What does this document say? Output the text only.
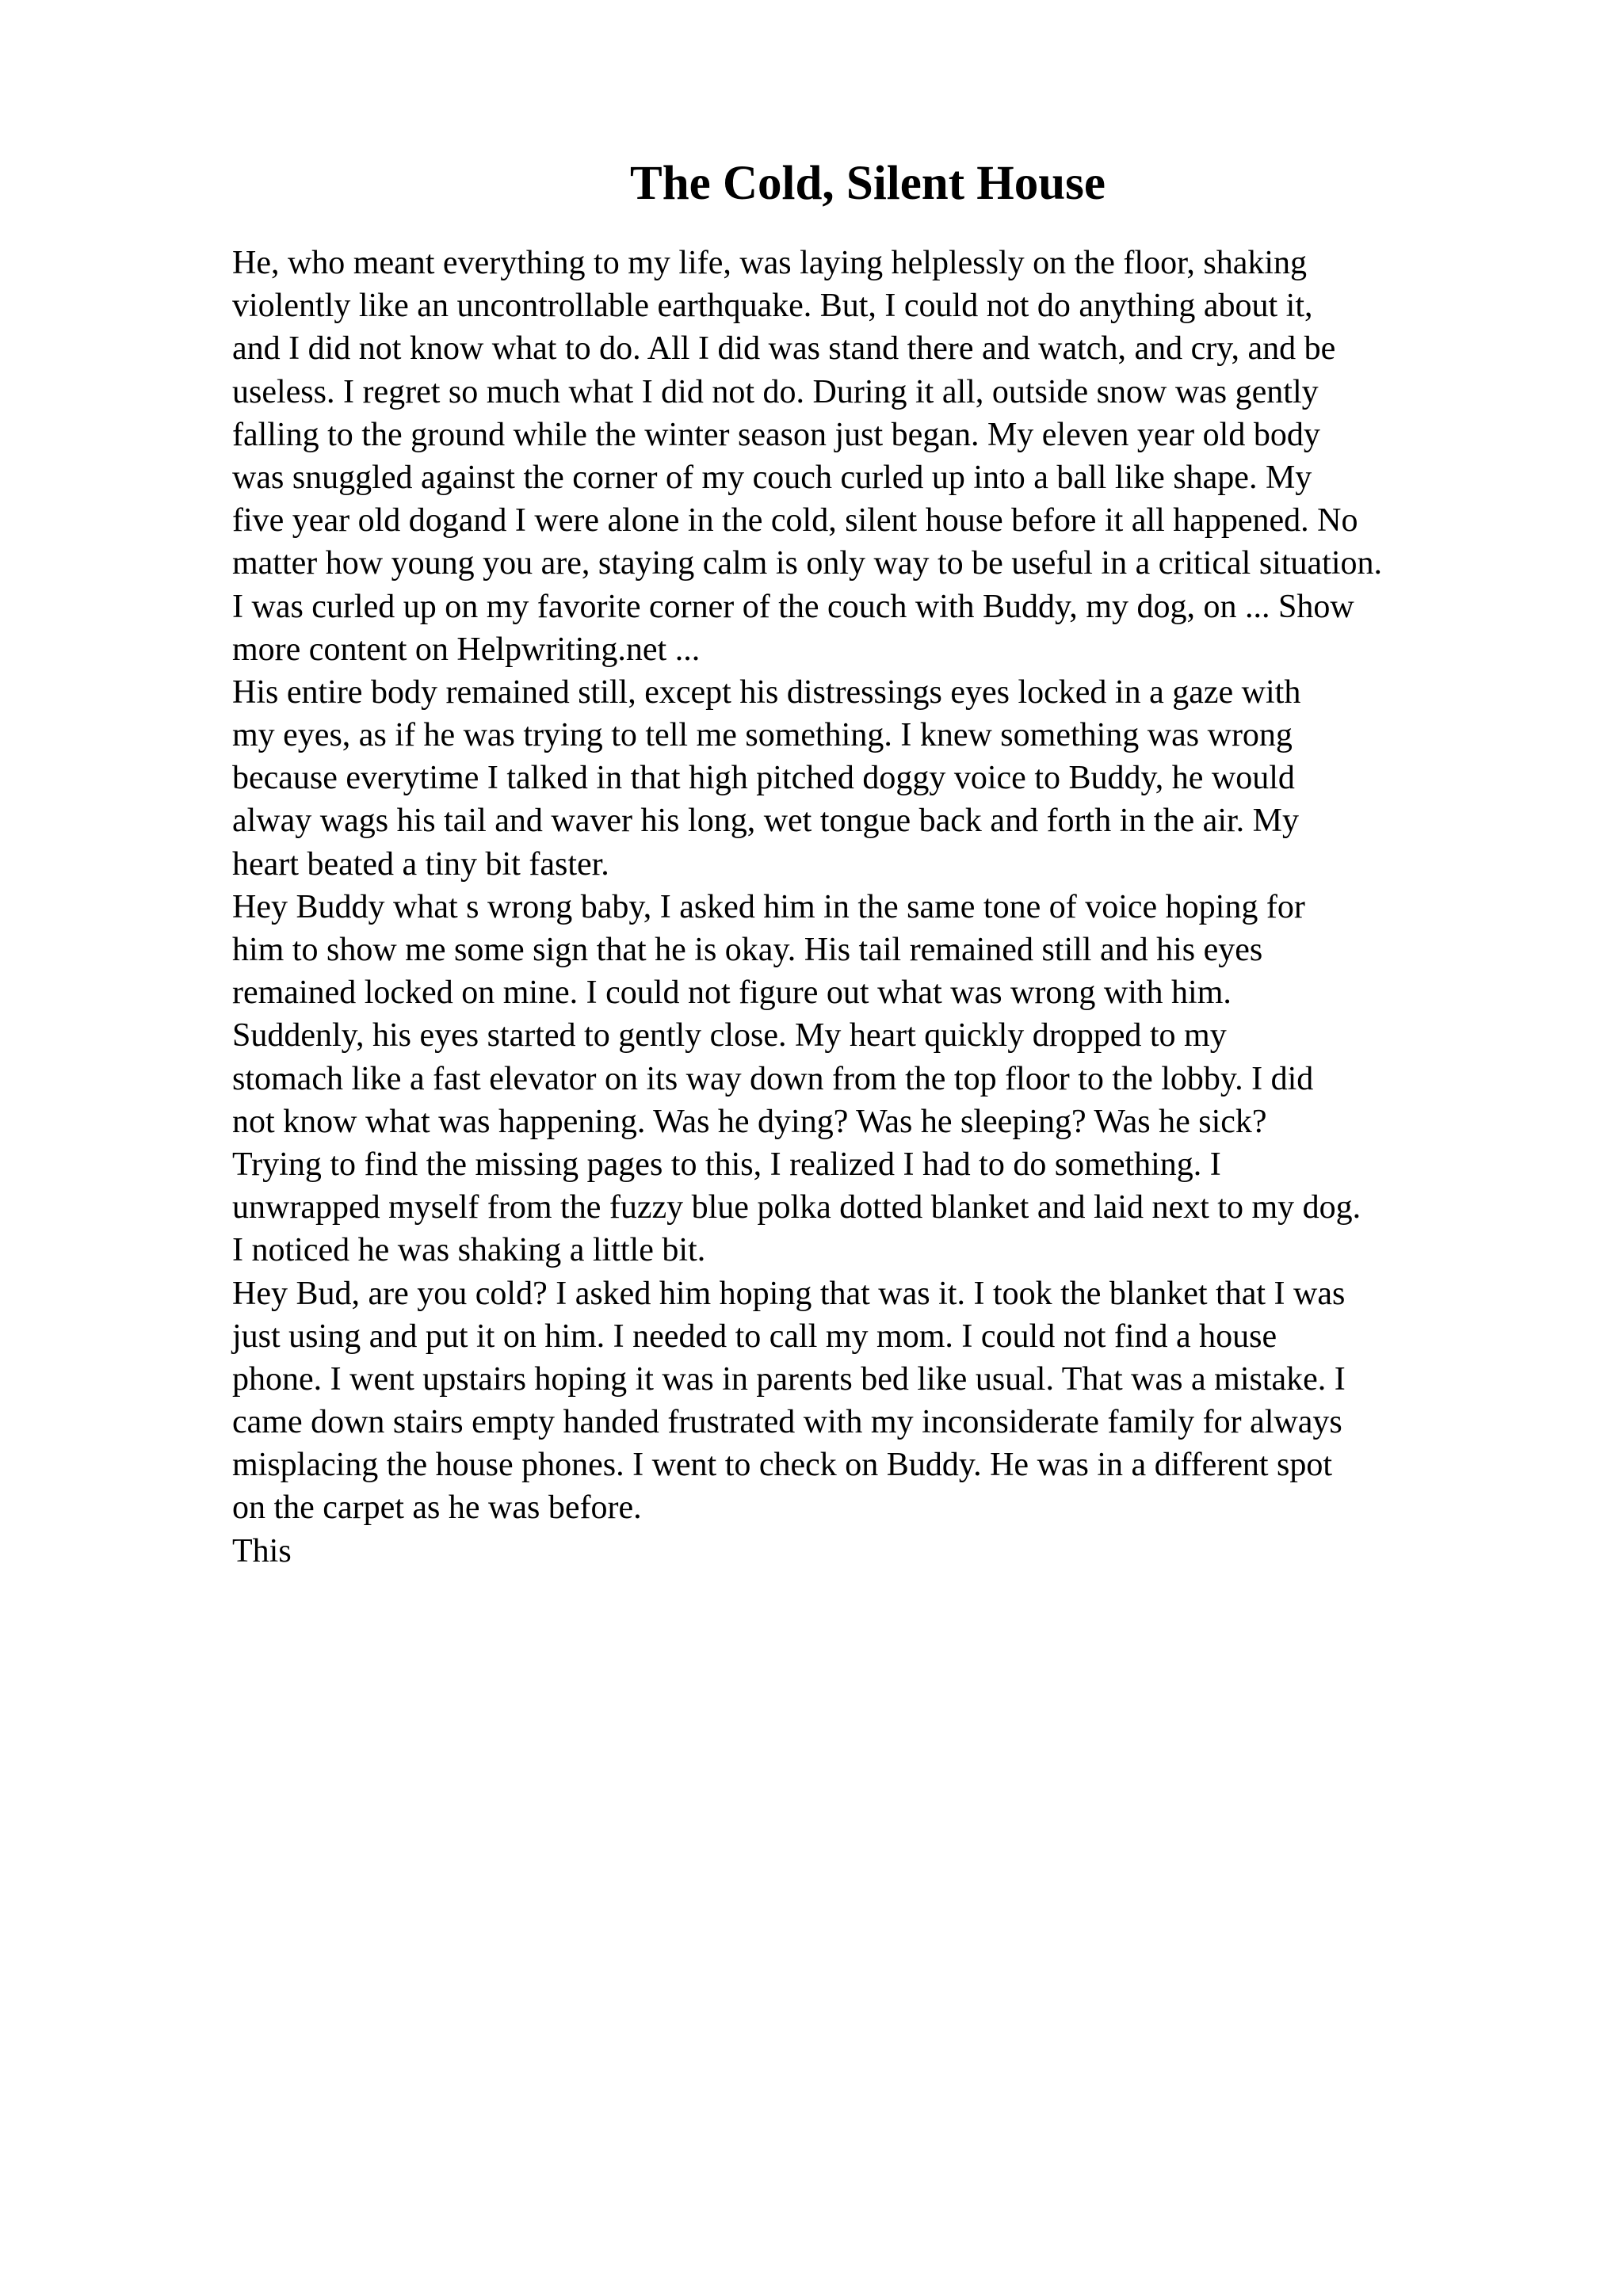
The Cold, Silent House
He, who meant everything to my life, was laying helplessly on the floor, shaking
violently like an uncontrollable earthquake. But, I could not do anything about it,
and I did not know what to do. All I did was stand there and watch, and cry, and be
useless. I regret so much what I did not do. During it all, outside snow was gently
falling to the ground while the winter season just began. My eleven year old body
was snuggled against the corner of my couch curled up into a ball like shape. My
five year old dogand I were alone in the cold, silent house before it all happened. No
matter how young you are, staying calm is only way to be useful in a critical situation.
I was curled up on my favorite corner of the couch with Buddy, my dog, on ... Show
more content on Helpwriting.net ...
His entire body remained still, except his distressings eyes locked in a gaze with
my eyes, as if he was trying to tell me something. I knew something was wrong
because everytime I talked in that high pitched doggy voice to Buddy, he would
alway wags his tail and waver his long, wet tongue back and forth in the air. My
heart beated a tiny bit faster.
Hey Buddy what s wrong baby, I asked him in the same tone of voice hoping for
him to show me some sign that he is okay. His tail remained still and his eyes
remained locked on mine. I could not figure out what was wrong with him.
Suddenly, his eyes started to gently close. My heart quickly dropped to my
stomach like a fast elevator on its way down from the top floor to the lobby. I did
not know what was happening. Was he dying? Was he sleeping? Was he sick?
Trying to find the missing pages to this, I realized I had to do something. I
unwrapped myself from the fuzzy blue polka dotted blanket and laid next to my dog.
I noticed he was shaking a little bit.
Hey Bud, are you cold? I asked him hoping that was it. I took the blanket that I was
just using and put it on him. I needed to call my mom. I could not find a house
phone. I went upstairs hoping it was in parents bed like usual. That was a mistake. I
came down stairs empty handed frustrated with my inconsiderate family for always
misplacing the house phones. I went to check on Buddy. He was in a different spot
on the carpet as he was before.
This
